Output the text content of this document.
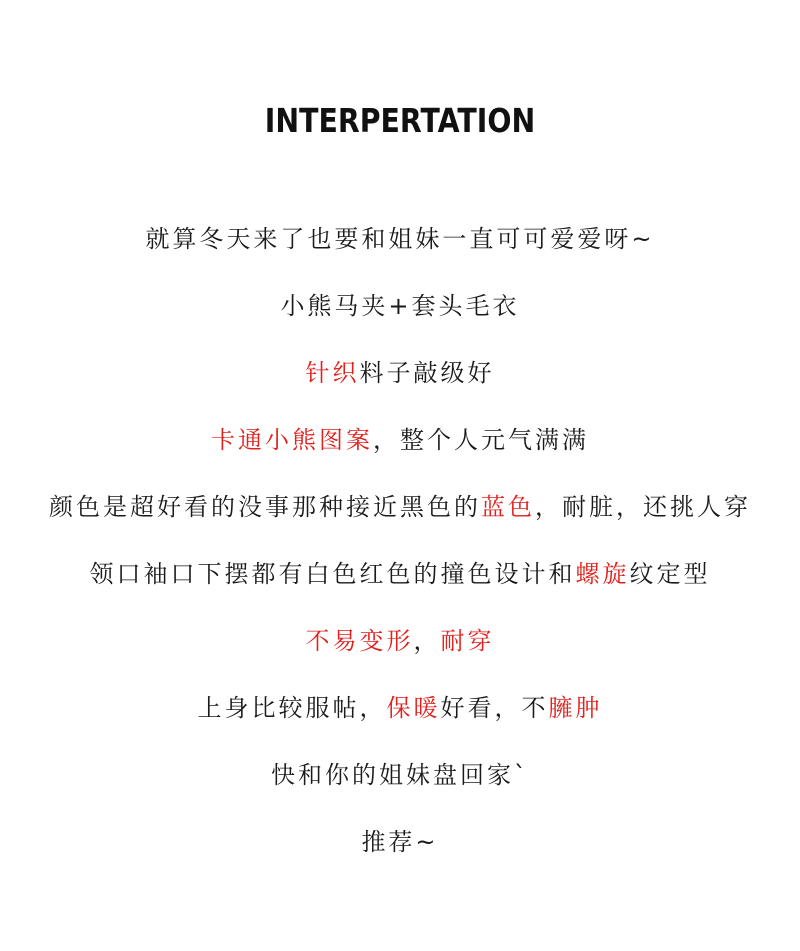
INTERPERTATION
就算冬天来了也要和姐妹一直可可爱爱呀~
小熊马夹+套头毛衣
针织料子敲级好
卡通小熊图案，整个人元气满满
颜色是超好看的没事那种接近黑色的蓝色，耐脏，还挑人穿
领口袖口下摆都有白色红色的撞色设计和螺旋纹定型
不易变形，耐穿
上身比较服帖，保暖好看，不臃肿
快和你的姐妹盘回家`
推荐~
